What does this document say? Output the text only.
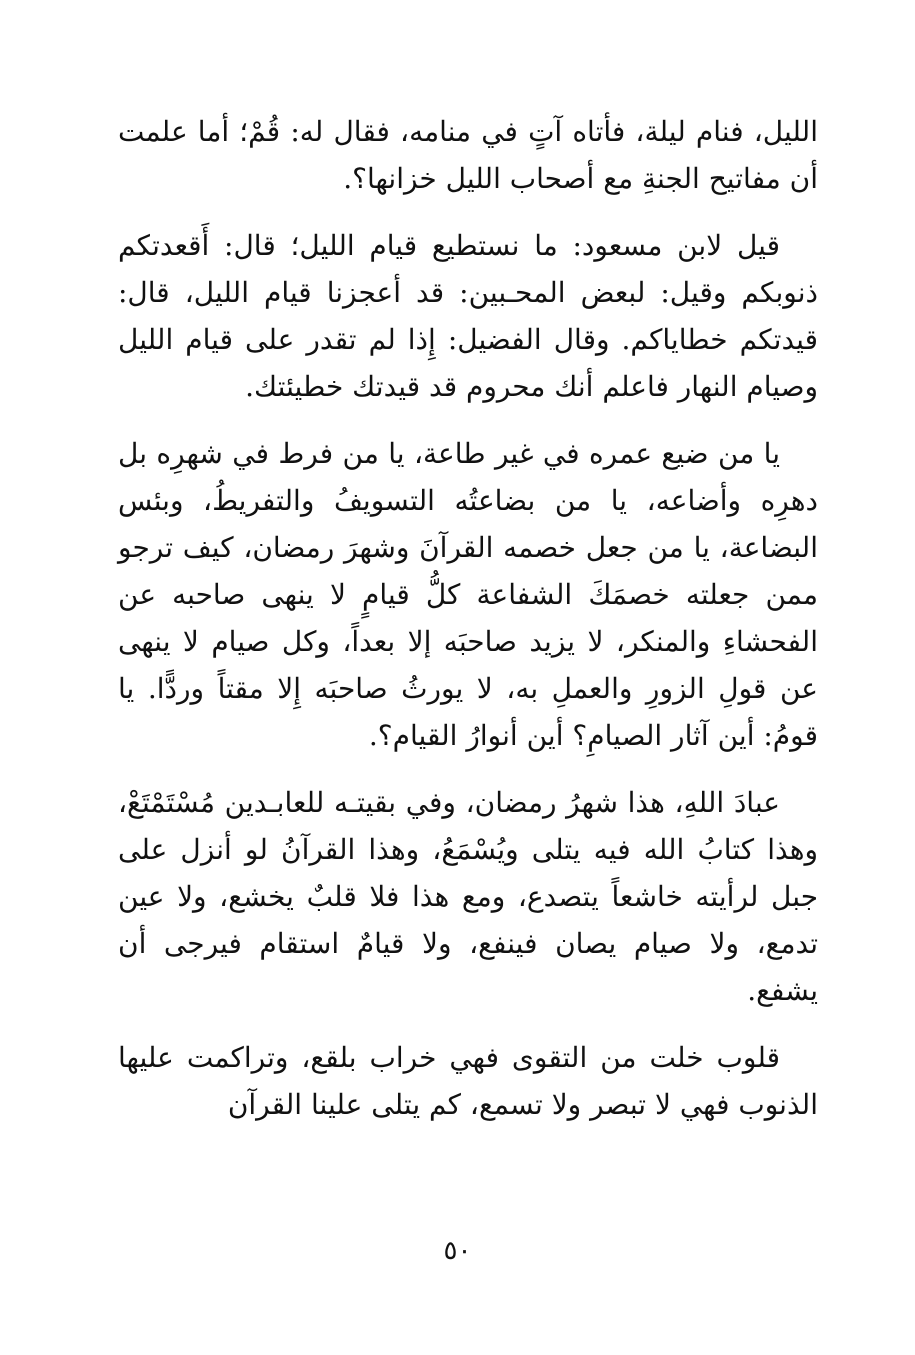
الليل، فنام ليلة، فأتاه آتٍ في منامه، فقال له: قُمْ؛ أما علمت أن مفاتيح الجنةِ مع أصحاب الليل خزانها؟.

قيل لابن مسعود: ما نستطيع قيام الليل؛ قال: أَقعدتكم ذنوبكم وقيل: لبعض المحـبين: قد أعجزنا قيام الليل، قال: قيدتكم خطاياكم. وقال الفضيل: إِذا لم تقدر على قيام الليل وصيام النهار فاعلم أنك محروم قد قيدتك خطيئتك.

يا من ضيع عمره في غير طاعة، يا من فرط في شهرِه بل دهرِه وأضاعه، يا من بضاعتُه التسويفُ والتفريطُ، وبئس البضاعة، يا من جعل خصمه القرآنَ وشهرَ رمضان، كيف ترجو ممن جعلته خصمَكَ الشفاعة كلُّ قيامٍ لا ينهى صاحبه عن الفحشاءِ والمنكر، لا يزيد صاحبَه إلا بعداً، وكل صيام لا ينهى عن قولِ الزورِ والعملِ به، لا يورثُ صاحبَه إِلا مقتاً وردًّا. يا قومُ: أين آثار الصيامِ؟ أين أنوارُ القيام؟.

عبادَ اللهِ، هذا شهرُ رمضان، وفي بقيتـه للعابـدين مُسْتَمْتَعْ، وهذا كتابُ الله فيه يتلى ويُسْمَعُ، وهذا القرآنُ لو أنزل على جبل لرأيته خاشعاً يتصدع، ومع هذا فلا قلبٌ يخشع، ولا عين تدمع، ولا صيام يصان فينفع، ولا قيامٌ استقام فيرجى أن يشفع.

قلوب خلت من التقوى فهي خراب بلقع، وتراكمت عليها الذنوب فهي لا تبصر ولا تسمع، كم يتلى علينا القرآن

٥٠
